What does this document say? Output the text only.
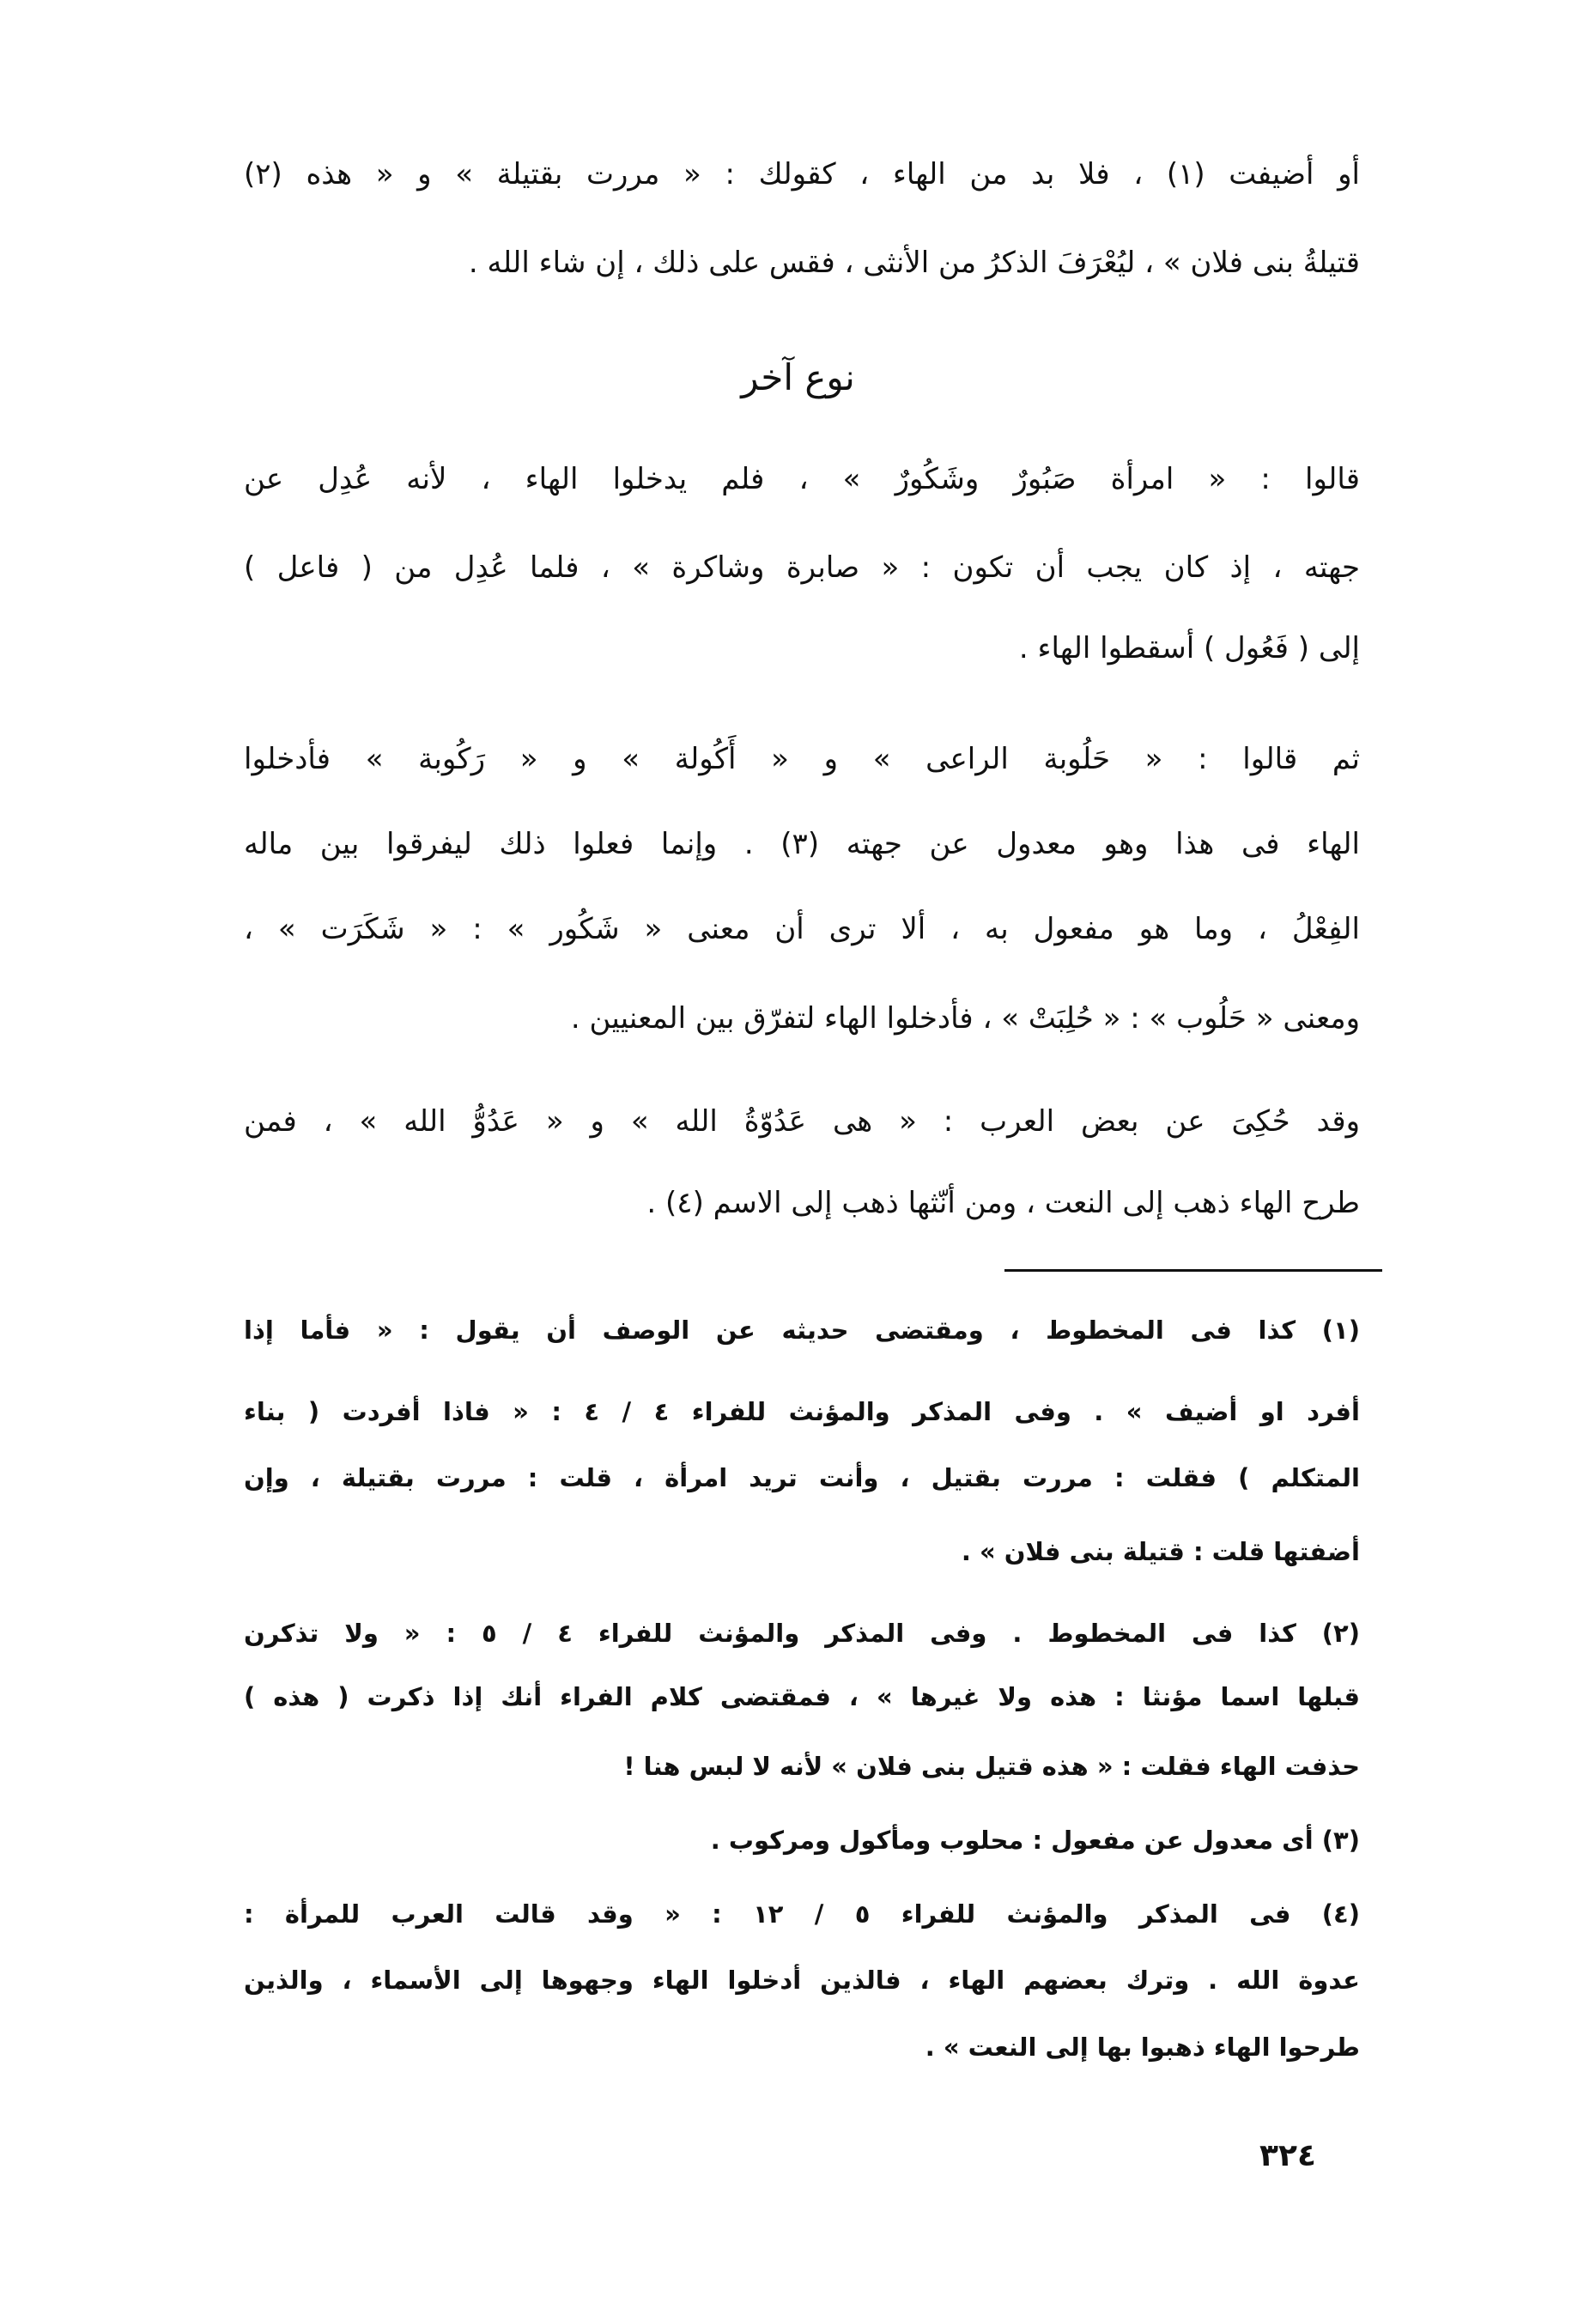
أو أضيفت (١) ، فلا بد من الهاء ، كقولك : « مررت بقتيلة » و « هذه (٢)
قتيلةُ بنى فلان » ، ليُعْرَفَ الذكرُ من الأنثى ، فقس على ذلك ، إن شاء الله .
نوع آخر
قالوا : « امرأة صَبُورٌ وشَكُورٌ » ، فلم يدخلوا الهاء ، لأنه عُدِل عن
جهته ، إذ كان يجب أن تكون : « صابرة وشاكرة » ، فلما عُدِل من ( فاعل )
إلى ( فَعُول ) أسقطوا الهاء .
ثم قالوا : « حَلُوبة الراعى » و « أَكُولة » و « رَكُوبة » فأدخلوا
الهاء فى هذا وهو معدول عن جهته (٣) . وإنما فعلوا ذلك ليفرقوا بين ماله
الفِعْلُ ، وما هو مفعول به ، ألا ترى أن معنى « شَكُور » : « شَكَرَت » ،
ومعنى « حَلُوب » : « حُلِبَتْ » ، فأدخلوا الهاء لتفرّق بين المعنيين .
وقد حُكِىَ عن بعض العرب : « هى عَدُوّةُ الله » و « عَدُوُّ الله » ، فمن
طرح الهاء ذهب إلى النعت ، ومن أنّثها ذهب إلى الاسم (٤) .
(١) كذا فى المخطوط ، ومقتضى حديثه عن الوصف أن يقول : « فأما إذا
أفرد او أضيف » . وفى المذكر والمؤنث للفراء ٤ / ٤ : « فاذا أفردت ( بناء
المتكلم ) فقلت : مررت بقتيل ، وأنت تريد امرأة ، قلت : مررت بقتيلة ، وإن
أضفتها قلت : قتيلة بنى فلان » .
(٢) كذا فى المخطوط . وفى المذكر والمؤنث للفراء ٤ / ٥ : « ولا تذكرن
قبلها اسما مؤنثا : هذه ولا غيرها » ، فمقتضى كلام الفراء أنك إذا ذكرت ( هذه )
حذفت الهاء فقلت : « هذه قتيل بنى فلان » لأنه لا لبس هنا !
(٣) أى معدول عن مفعول : محلوب ومأكول ومركوب .
(٤) فى المذكر والمؤنث للفراء ٥ / ١٢ : « وقد قالت العرب للمرأة :
عدوة الله . وترك بعضهم الهاء ، فالذين أدخلوا الهاء وجهوها إلى الأسماء ، والذين
طرحوا الهاء ذهبوا بها إلى النعت » .
٣٢٤
